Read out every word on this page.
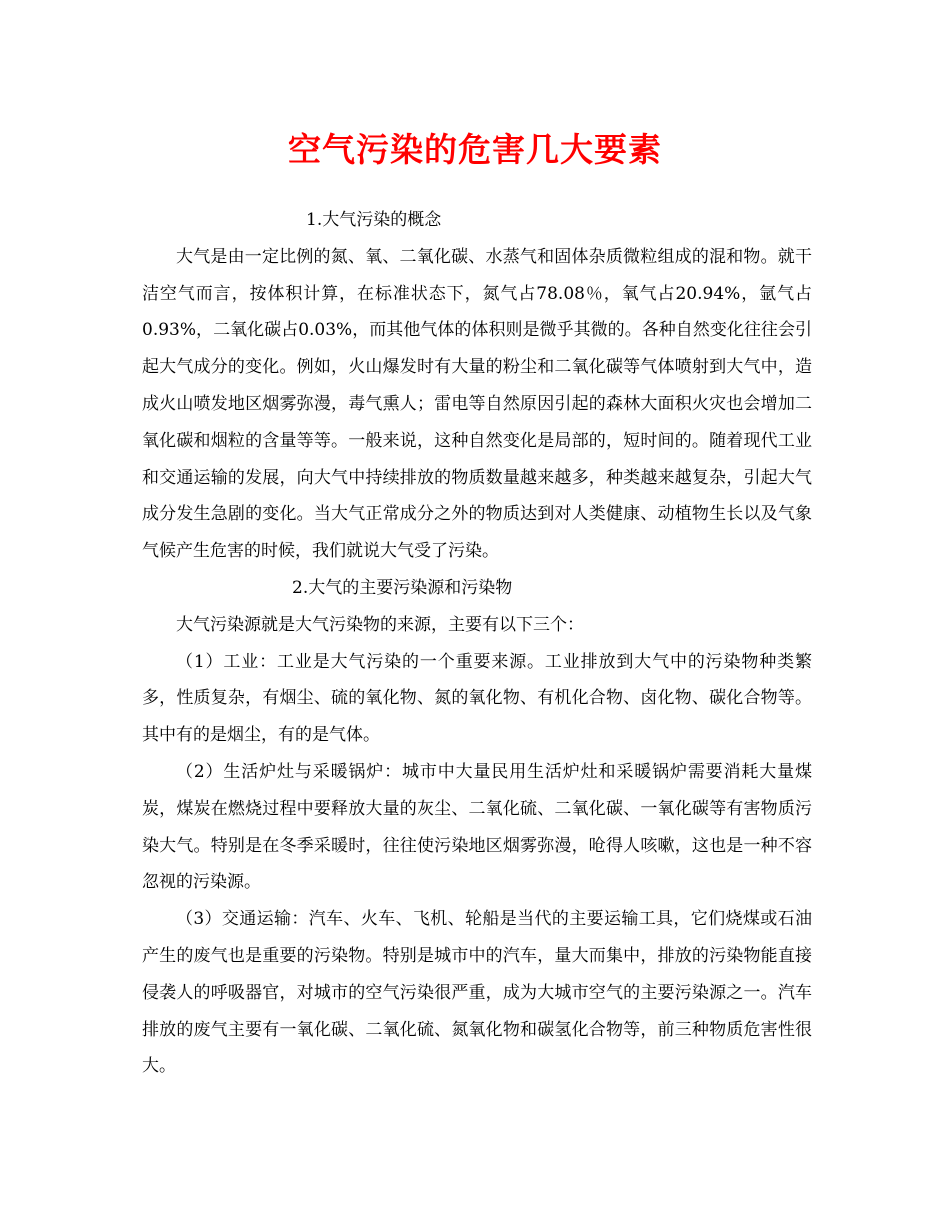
空气污染的危害几大要素

1.大气污染的概念

大气是由一定比例的氮、氧、二氧化碳、水蒸气和固体杂质微粒组成的混和物。就干洁空气而言，按体积计算，在标准状态下，氮气占78.08％，氧气占20.94%，氩气占0.93%，二氧化碳占0.03%，而其他气体的体积则是微乎其微的。各种自然变化往往会引起大气成分的变化。例如，火山爆发时有大量的粉尘和二氧化碳等气体喷射到大气中，造成火山喷发地区烟雾弥漫，毒气熏人；雷电等自然原因引起的森林大面积火灾也会增加二氧化碳和烟粒的含量等等。一般来说，这种自然变化是局部的，短时间的。随着现代工业和交通运输的发展，向大气中持续排放的物质数量越来越多，种类越来越复杂，引起大气成分发生急剧的变化。当大气正常成分之外的物质达到对人类健康、动植物生长以及气象气候产生危害的时候，我们就说大气受了污染。

2.大气的主要污染源和污染物

大气污染源就是大气污染物的来源，主要有以下三个：

（1）工业：工业是大气污染的一个重要来源。工业排放到大气中的污染物种类繁多，性质复杂，有烟尘、硫的氧化物、氮的氧化物、有机化合物、卤化物、碳化合物等。其中有的是烟尘，有的是气体。

（2）生活炉灶与采暖锅炉：城市中大量民用生活炉灶和采暖锅炉需要消耗大量煤炭，煤炭在燃烧过程中要释放大量的灰尘、二氧化硫、二氧化碳、一氧化碳等有害物质污染大气。特别是在冬季采暖时，往往使污染地区烟雾弥漫，呛得人咳嗽，这也是一种不容忽视的污染源。

（3）交通运输：汽车、火车、飞机、轮船是当代的主要运输工具，它们烧煤或石油产生的废气也是重要的污染物。特别是城市中的汽车，量大而集中，排放的污染物能直接侵袭人的呼吸器官，对城市的空气污染很严重，成为大城市空气的主要污染源之一。汽车排放的废气主要有一氧化碳、二氧化硫、氮氧化物和碳氢化合物等，前三种物质危害性很大。
